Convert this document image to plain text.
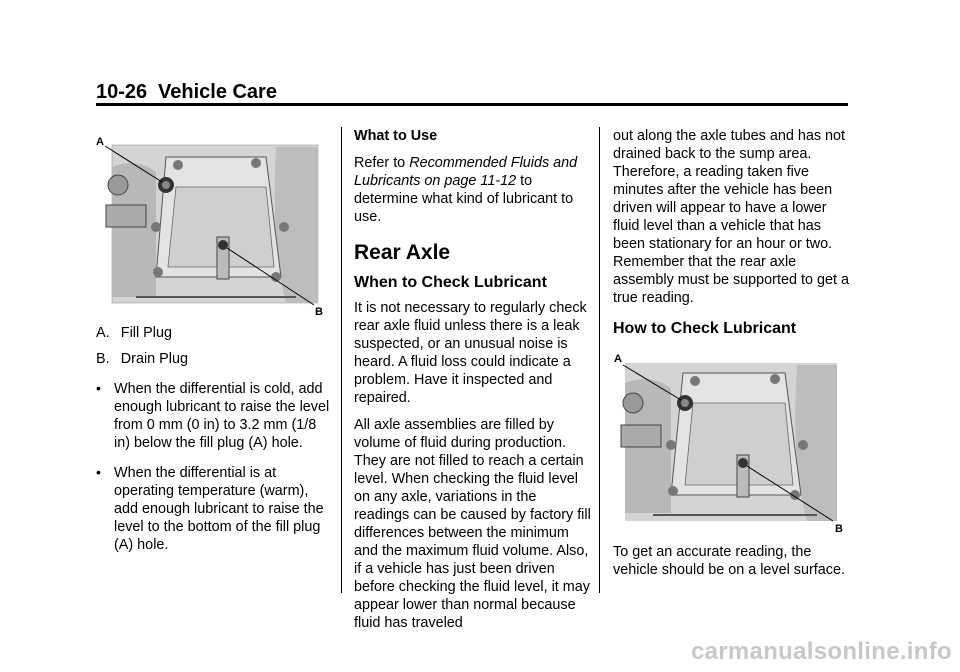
10-26 Vehicle Care
A
B
A.  Fill Plug
B.  Drain Plug
• When the differential is cold, add enough lubricant to raise the level from 0 mm (0 in) to 3.2 mm (1/8 in) below the fill plug (A) hole.
• When the differential is at operating temperature (warm), add enough lubricant to raise the level to the bottom of the fill plug (A) hole.

What to Use

Refer to Recommended Fluids and Lubricants on page 11-12 to determine what kind of lubricant to use.

Rear Axle
When to Check Lubricant

It is not necessary to regularly check rear axle fluid unless there is a leak suspected, or an unusual noise is heard. A fluid loss could indicate a problem. Have it inspected and repaired.

All axle assemblies are filled by volume of fluid during production. They are not filled to reach a certain level. When checking the fluid level on any axle, variations in the readings can be caused by factory fill differences between the minimum and the maximum fluid volume. Also, if a vehicle has just been driven before checking the fluid level, it may appear lower than normal because fluid has traveled

out along the axle tubes and has not drained back to the sump area. Therefore, a reading taken five minutes after the vehicle has been driven will appear to have a lower fluid level than a vehicle that has been stationary for an hour or two. Remember that the rear axle assembly must be supported to get a true reading.

How to Check Lubricant
A
B

To get an accurate reading, the vehicle should be on a level surface.

carmanualsonline.info
